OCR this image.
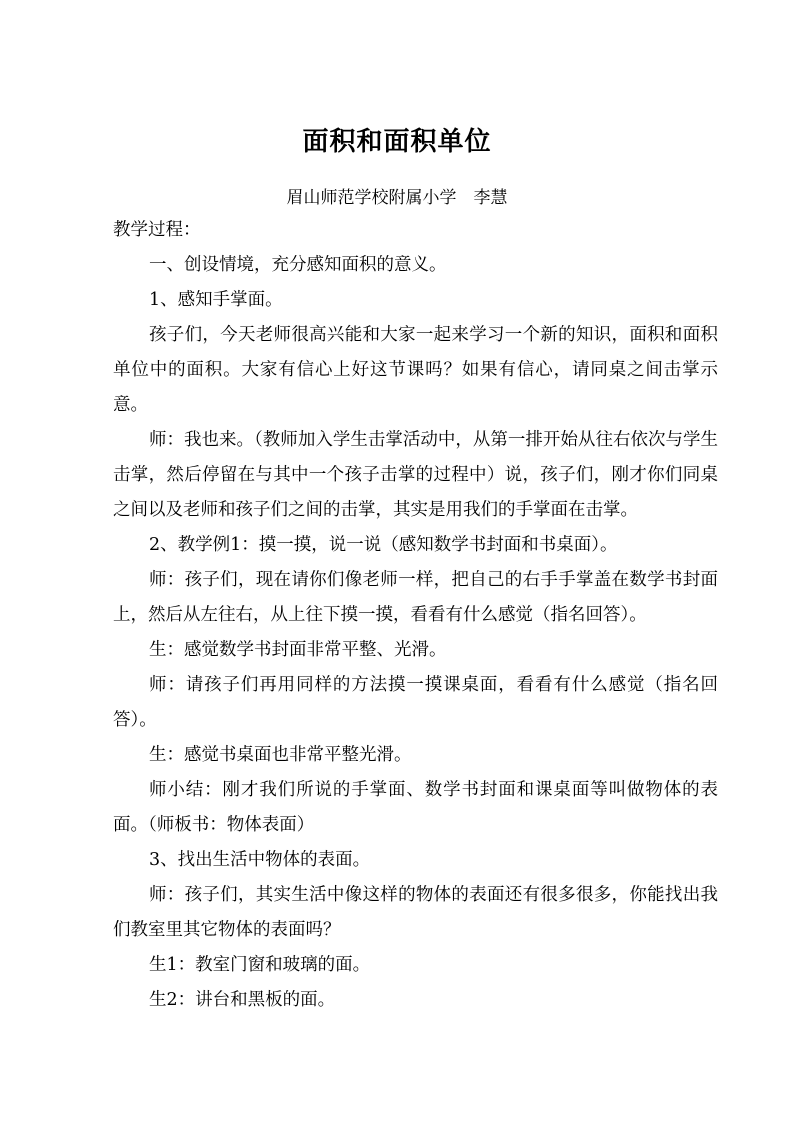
面积和面积单位
眉山师范学校附属小学　李慧

教学过程：

一、创设情境，充分感知面积的意义。

1、感知手掌面。

孩子们，今天老师很高兴能和大家一起来学习一个新的知识，面积和面积单位中的面积。大家有信心上好这节课吗？如果有信心，请同桌之间击掌示意。

师：我也来。（教师加入学生击掌活动中，从第一排开始从往右依次与学生击掌，然后停留在与其中一个孩子击掌的过程中）说，孩子们，刚才你们同桌之间以及老师和孩子们之间的击掌，其实是用我们的手掌面在击掌。

2、教学例1：摸一摸，说一说（感知数学书封面和书桌面）。

师：孩子们，现在请你们像老师一样，把自己的右手手掌盖在数学书封面上，然后从左往右，从上往下摸一摸，看看有什么感觉（指名回答）。

生：感觉数学书封面非常平整、光滑。

师：请孩子们再用同样的方法摸一摸课桌面，看看有什么感觉（指名回答）。

生：感觉书桌面也非常平整光滑。

师小结：刚才我们所说的手掌面、数学书封面和课桌面等叫做物体的表面。（师板书：物体表面）

3、找出生活中物体的表面。

师：孩子们，其实生活中像这样的物体的表面还有很多很多，你能找出我们教室里其它物体的表面吗？

生1：教室门窗和玻璃的面。

生2：讲台和黑板的面。
